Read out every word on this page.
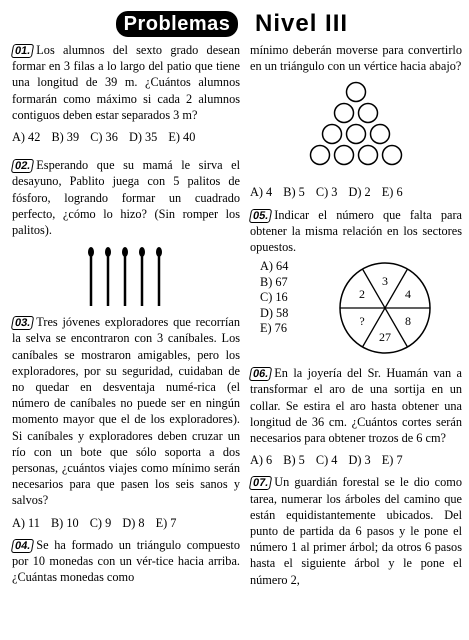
Problemas	Nivel III

01. Los alumnos del sexto grado desean formar en 3 filas a lo largo del patio que tiene una longitud de 39 m. ¿Cuántos alumnos formarán como máximo si cada 2 alumnos contiguos deben estar separados 3 m?

A) 42 B) 39 C) 36 D) 35 E) 40

02. Esperando que su mamá le sirva el desayuno, Pablito juega con 5 palitos de fósforo, logrando formar un cuadrado perfecto, ¿cómo lo hizo? (Sin romper los palitos).

03. Tres jóvenes exploradores que recorrían la selva se encontraron con 3 caníbales. Los caníbales se mostraron amigables, pero los exploradores, por su seguridad, cuidaban de no quedar en desventaja numé-rica (el número de caníbales no puede ser en ningún momento mayor que el de los exploradores). Si caníbales y exploradores deben cruzar un río con un bote que sólo soporta a dos personas, ¿cuántos viajes como mínimo serán necesarios para que pasen los seis sanos y salvos?

A) 11 B) 10 C) 9 D) 8 E) 7

04. Se ha formado un triángulo compuesto por 10 monedas con un vér-tice hacia arriba. ¿Cuántas monedas como

mínimo deberán moverse para convertirlo en un triángulo con un vértice hacia abajo?

A) 4 B) 5 C) 3 D) 2 E) 6

05. Indicar el número que falta para obtener la misma relación en los sectores opuestos.

A) 64
B) 67
C) 16
D) 58
E) 76
3
4
8
27
?
2

06. En la joyería del Sr. Huamán van a transformar el aro de una sortija en un collar. Se estira el aro hasta obtener una longitud de 36 cm. ¿Cuántos cortes serán necesarios para obtener trozos de 6 cm?

A) 6 B) 5 C) 4 D) 3 E) 7

07. Un guardián forestal se le dio como tarea, numerar los árboles del camino que están equidistantemente ubicados. Del punto de partida da 6 pasos y le pone el número 1 al primer árbol; da otros 6 pasos hasta el siguiente árbol y le pone el número 2,
